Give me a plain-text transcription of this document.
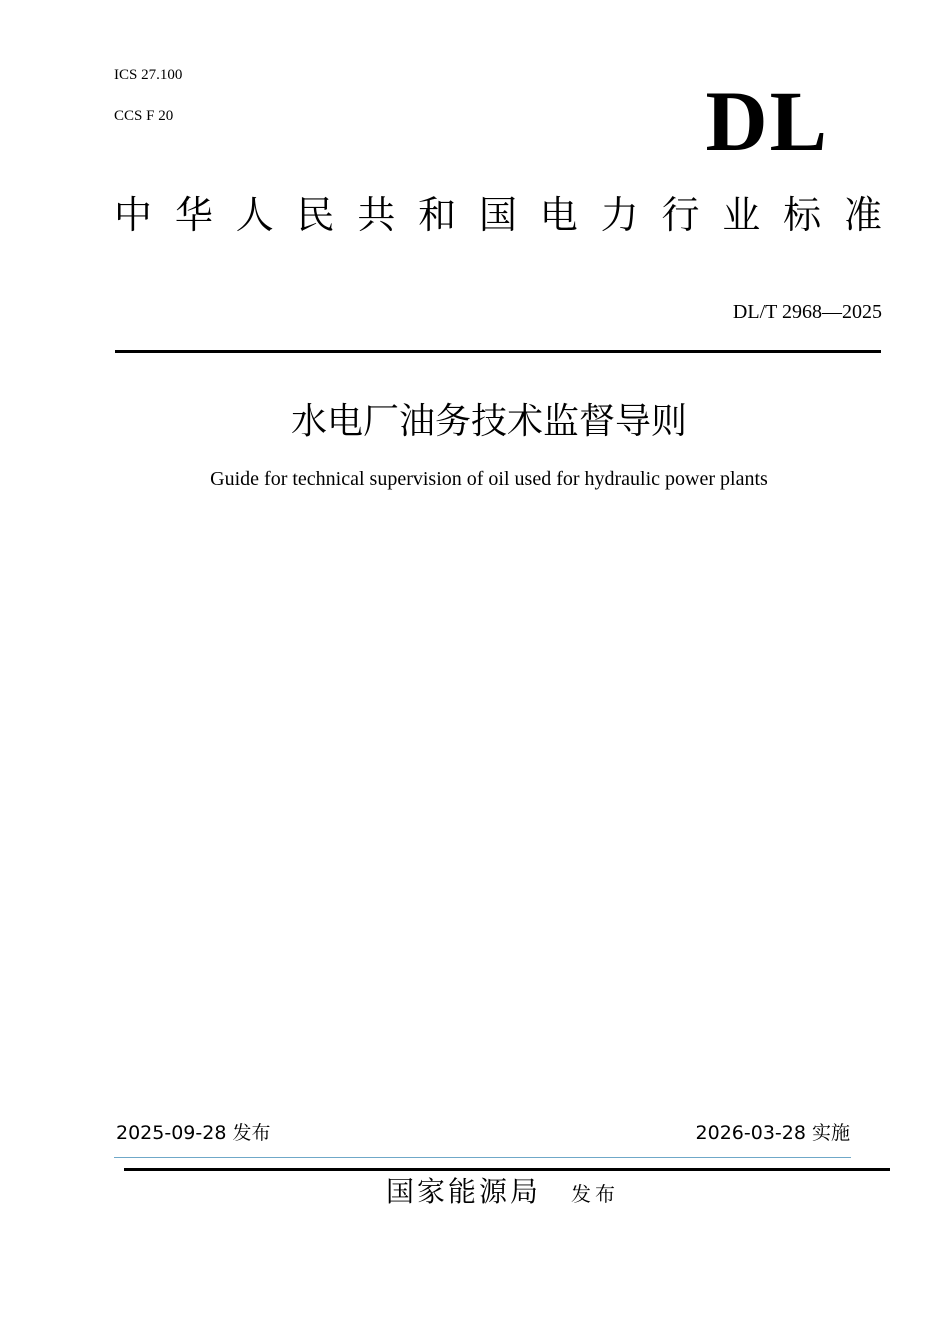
ICS 27.100

CCS F 20	DL
中 华 人 民 共 和 国 电 力 行 业 标 准

DL/T 2968—2025

水电厂油务技术监督导则

Guide for technical supervision of oil used for hydraulic power plants

2025-09-28 发布	2026-03-28 实施

国家能源局 发布
